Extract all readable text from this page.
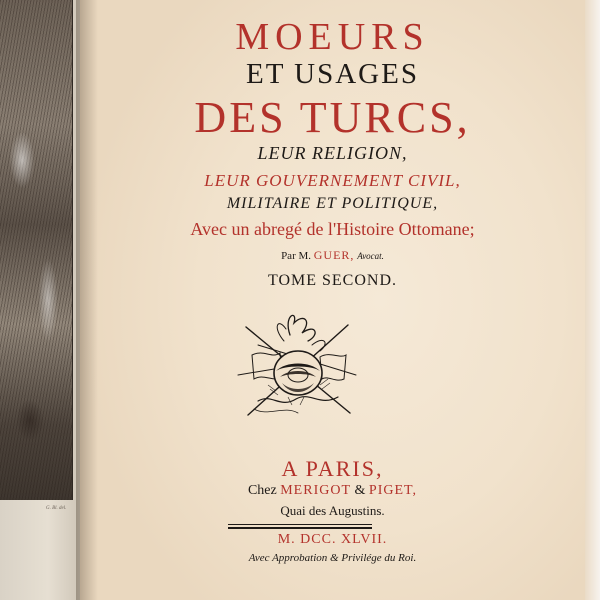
G. Bl. del.
MOEURS
ET USAGES
DES TURCS,
LEUR RELIGION,
LEUR GOUVERNEMENT CIVIL,
MILITAIRE ET POLITIQUE,
Avec un abregé de l'Histoire Ottomane;
Par M. GUER, Avocat.
TOME SECOND.
A PARIS,
Chez MERIGOT & PIGET,
Quai des Augustins.
M. DCC. XLVII.
Avec Approbation & Privilége du Roi.
